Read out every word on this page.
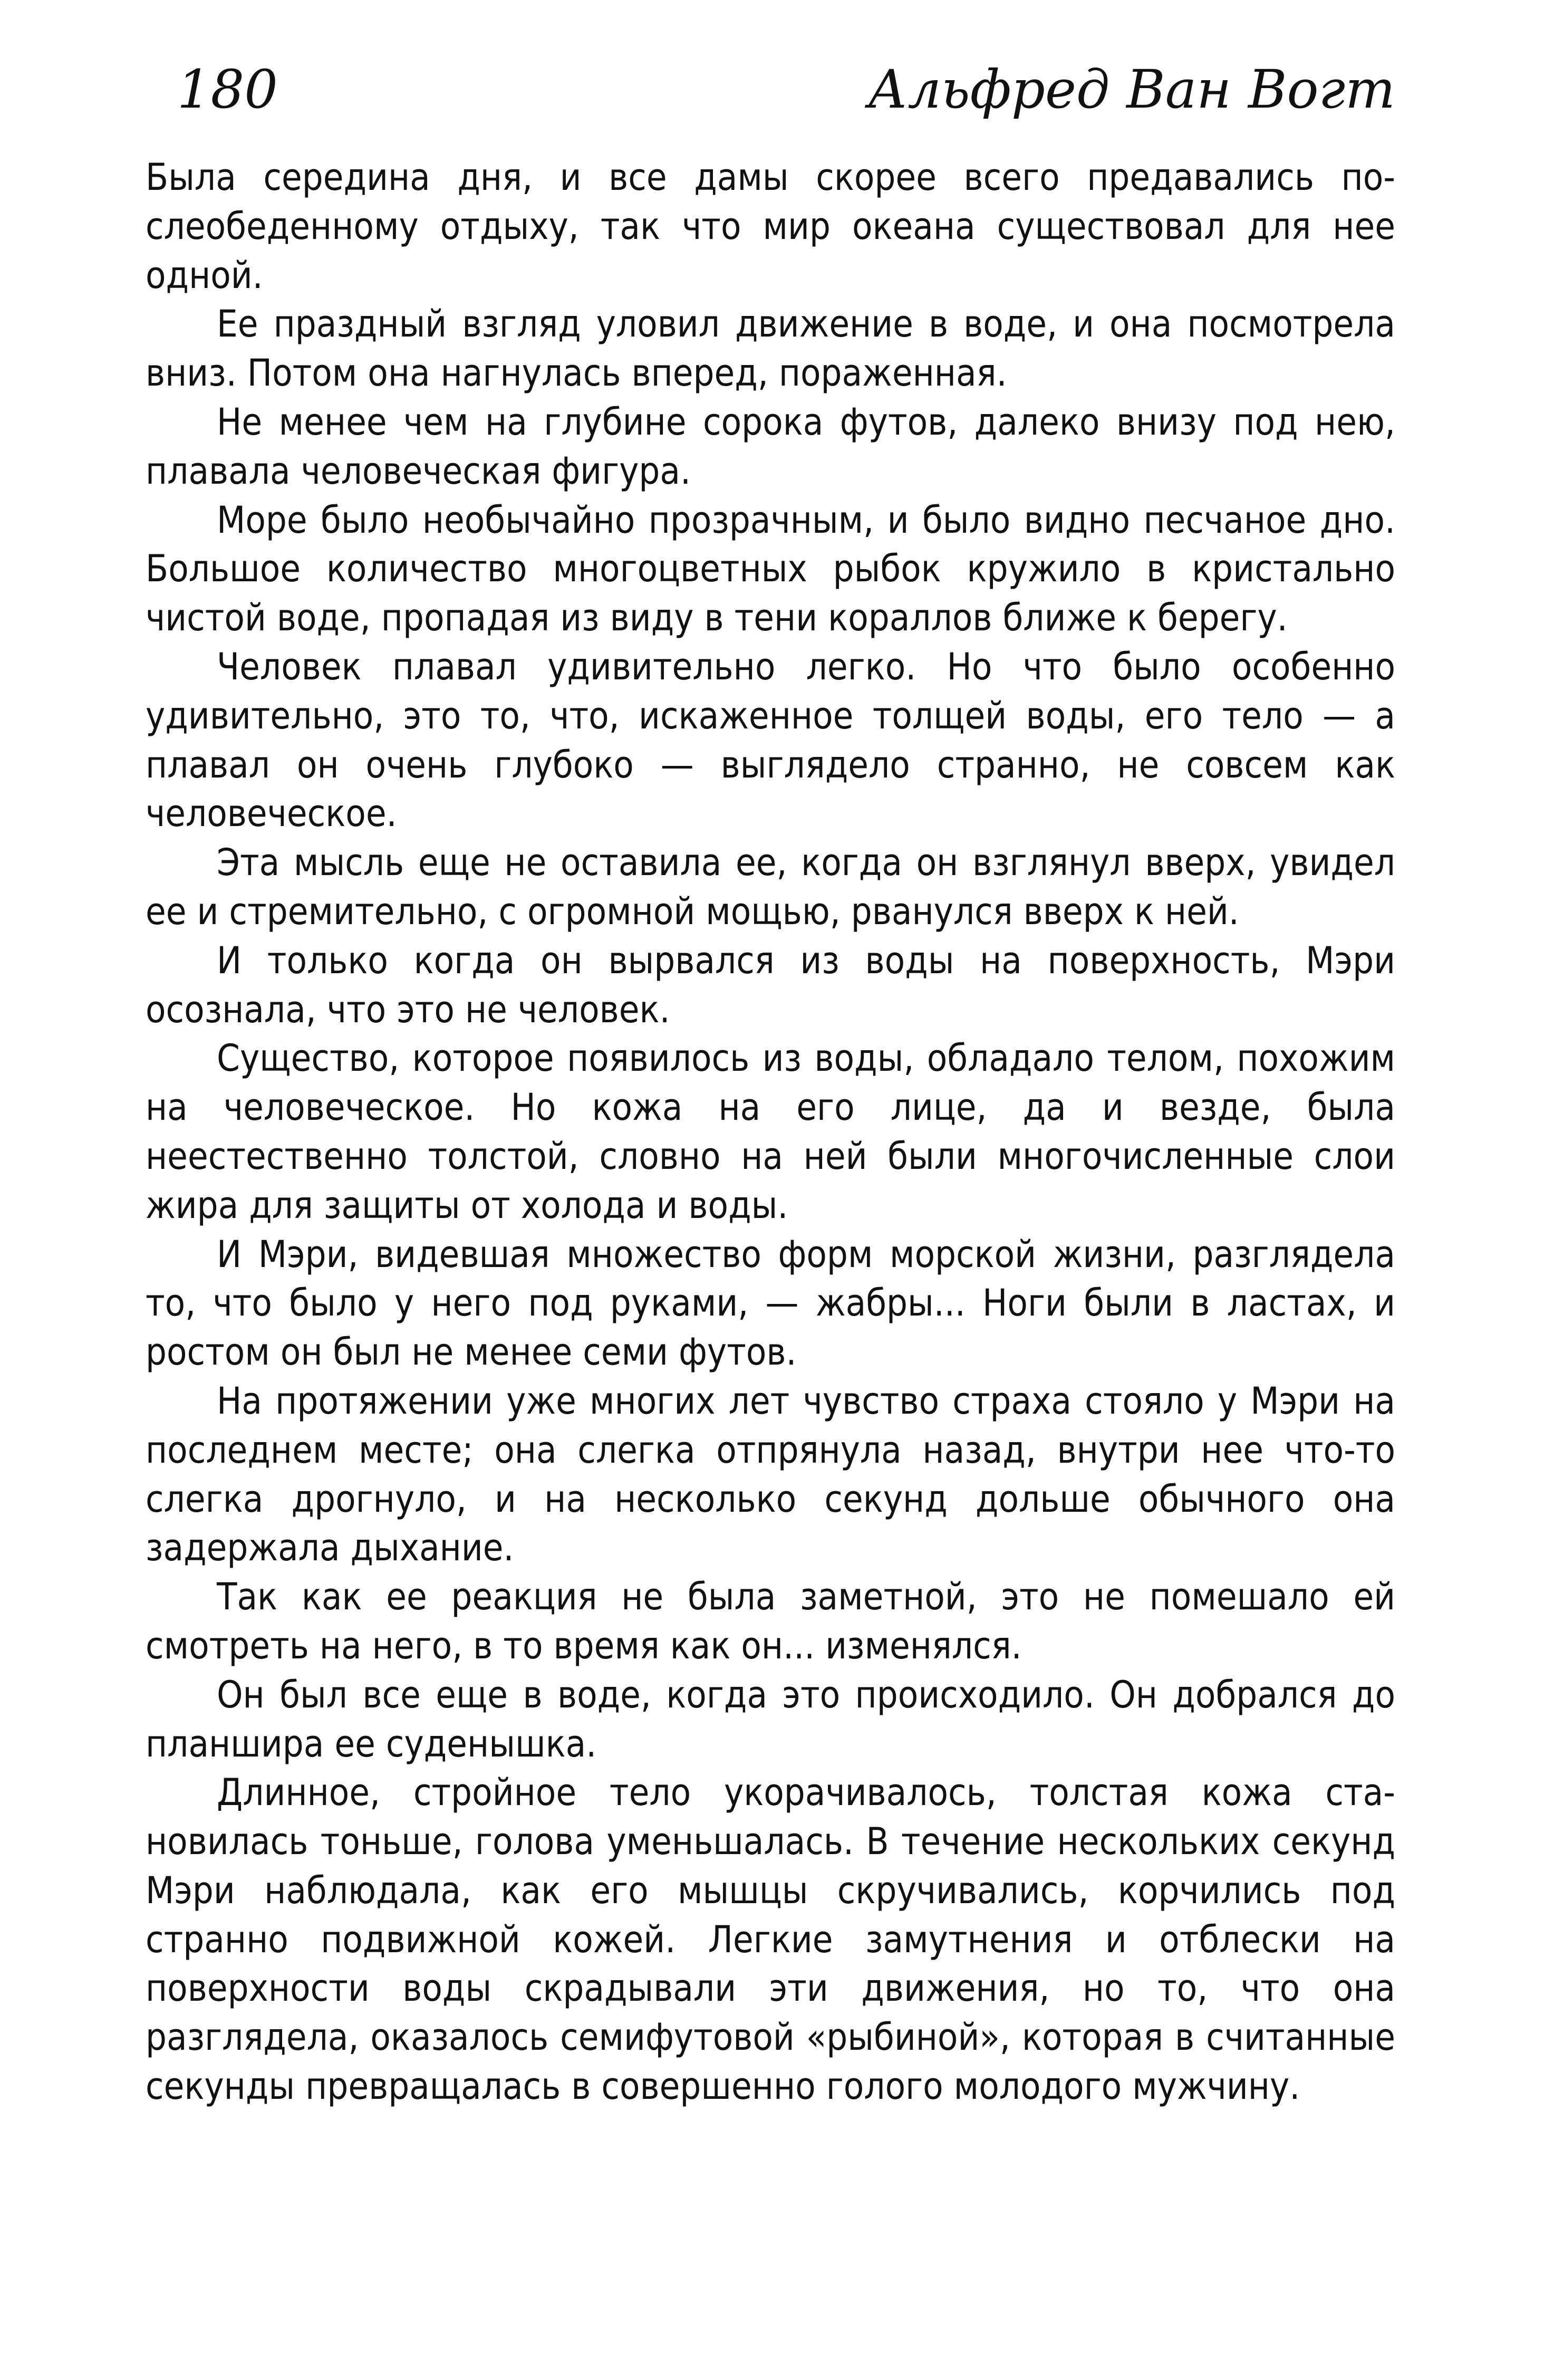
180	Альфред Ван Вогт

Была середина дня, и все дамы скорее всего предавались послеобеденному отдыху, так что мир океана существовал для нее одной.

Ее праздный взгляд уловил движение в воде, и она посмотрела вниз. Потом она нагнулась вперед, пораженная.

Не менее чем на глубине сорока футов, далеко внизу под нею, плавала человеческая фигура.

Море было необычайно прозрачным, и было видно песчаное дно. Большое количество многоцветных рыбок кружило в кристально чистой воде, пропадая из виду в тени кораллов ближе к берегу.

Человек плавал удивительно легко. Но что было особенно удивительно, это то, что, искаженное толщей воды, его тело — а плавал он очень глубоко — выглядело странно, не совсем как человеческое.

Эта мысль еще не оставила ее, когда он взглянул вверх, увидел ее и стремительно, с огромной мощью, рванулся вверх к ней.

И только когда он вырвался из воды на поверхность, Мэри осознала, что это не человек.

Существо, которое появилось из воды, обладало телом, похожим на человеческое. Но кожа на его лице, да и везде, была неестественно толстой, словно на ней были многочисленные слои жира для защиты от холода и воды.

И Мэри, видевшая множество форм морской жизни, разглядела то, что было у него под руками, — жабры... Ноги были в ластах, и ростом он был не менее семи футов.

На протяжении уже многих лет чувство страха стояло у Мэри на последнем месте; она слегка отпрянула назад, внутри нее что-то слегка дрогнуло, и на несколько секунд дольше обычного она задержала дыхание.

Так как ее реакция не была заметной, это не помешало ей смотреть на него, в то время как он... изменялся.

Он был все еще в воде, когда это происходило. Он добрался до планшира ее суденышка.

Длинное, стройное тело укорачивалось, толстая кожа становилась тоньше, голова уменьшалась. В течение нескольких секунд Мэри наблюдала, как его мышцы скручивались, корчились под странно подвижной кожей. Легкие замутнения и отблески на поверхности воды скрадывали эти движения, но то, что она разглядела, оказалось семифутовой «рыбиной», которая в считанные секунды превращалась в совершенно голого молодого мужчину.
